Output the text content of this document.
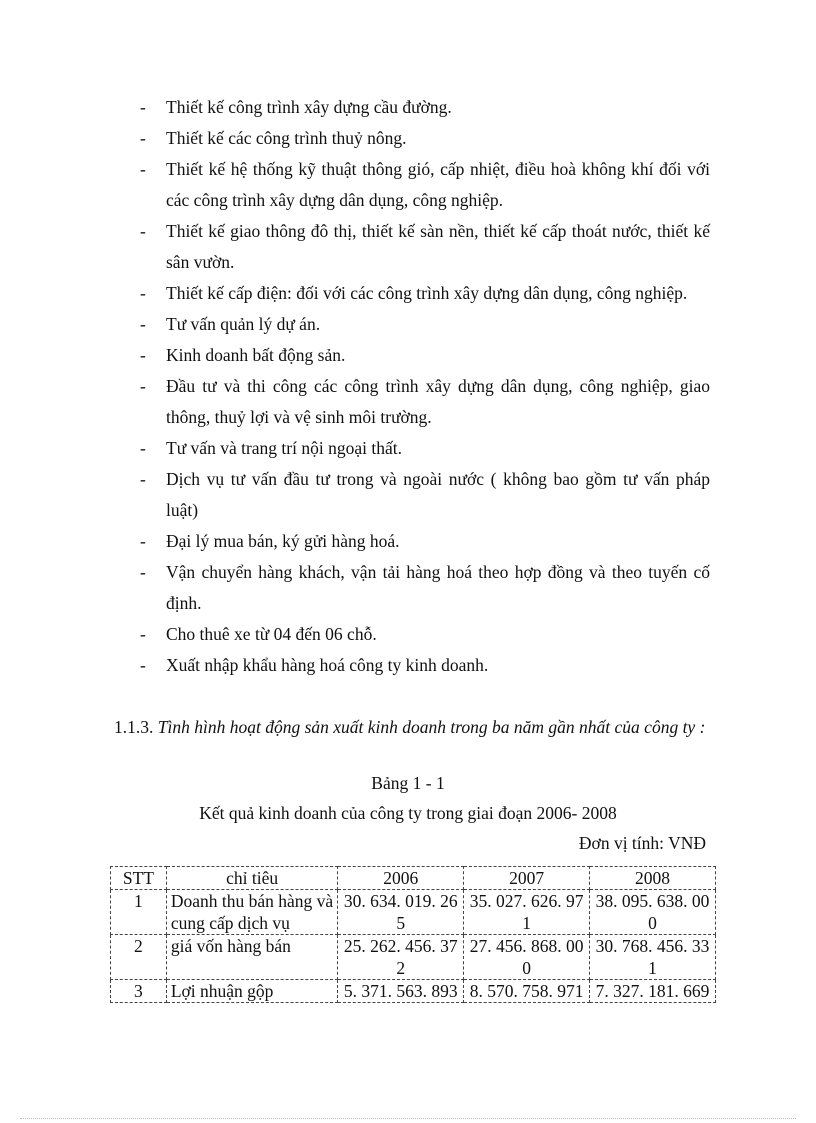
-	Thiết kế công trình xây dựng cầu đường.
-	Thiết kế các công trình thuỷ nông.
-	Thiết kế hệ thống kỹ thuật thông gió, cấp nhiệt, điều hoà không khí đối với các công trình xây dựng dân dụng, công nghiệp.
-	Thiết kế giao thông đô thị, thiết kế sàn nền, thiết kế cấp thoát nước, thiết kế sân vườn.
-	Thiết kế cấp điện: đối với các công trình xây dựng dân dụng, công nghiệp.
-	Tư vấn quản lý dự án.
-	Kinh doanh bất động sản.
-	Đầu tư và thi công các công trình xây dựng dân dụng, công nghiệp, giao thông, thuỷ lợi và vệ sinh môi trường.
-	Tư vấn và trang trí nội ngoại thất.
-	Dịch vụ tư vấn đầu tư trong và ngoài nước ( không bao gồm tư vấn pháp luật)
-	Đại lý mua bán, ký gửi hàng hoá.
-	Vận chuyển hàng khách, vận tải hàng hoá theo hợp đồng và theo tuyến cố định.
-	Cho thuê xe từ 04 đến 06 chỗ.
-	Xuất nhập khẩu hàng hoá công ty kinh doanh.
1.1.3. Tình hình hoạt động sản xuất kinh doanh trong ba năm gần nhất của công ty :
Bảng 1 - 1
Kết quả kinh doanh của công ty trong giai đoạn 2006- 2008
Đơn vị tính: VNĐ
STT	chỉ tiêu	2006	2007	2008
1	Doanh thu bán hàng và cung cấp dịch vụ	30. 634. 019. 265	35. 027. 626. 971	38. 095. 638. 000
2	giá vốn hàng bán	25. 262. 456. 372	27. 456. 868. 000	30. 768. 456. 331
3	Lợi nhuận gộp	5. 371. 563. 893	8. 570. 758. 971	7. 327. 181. 669
